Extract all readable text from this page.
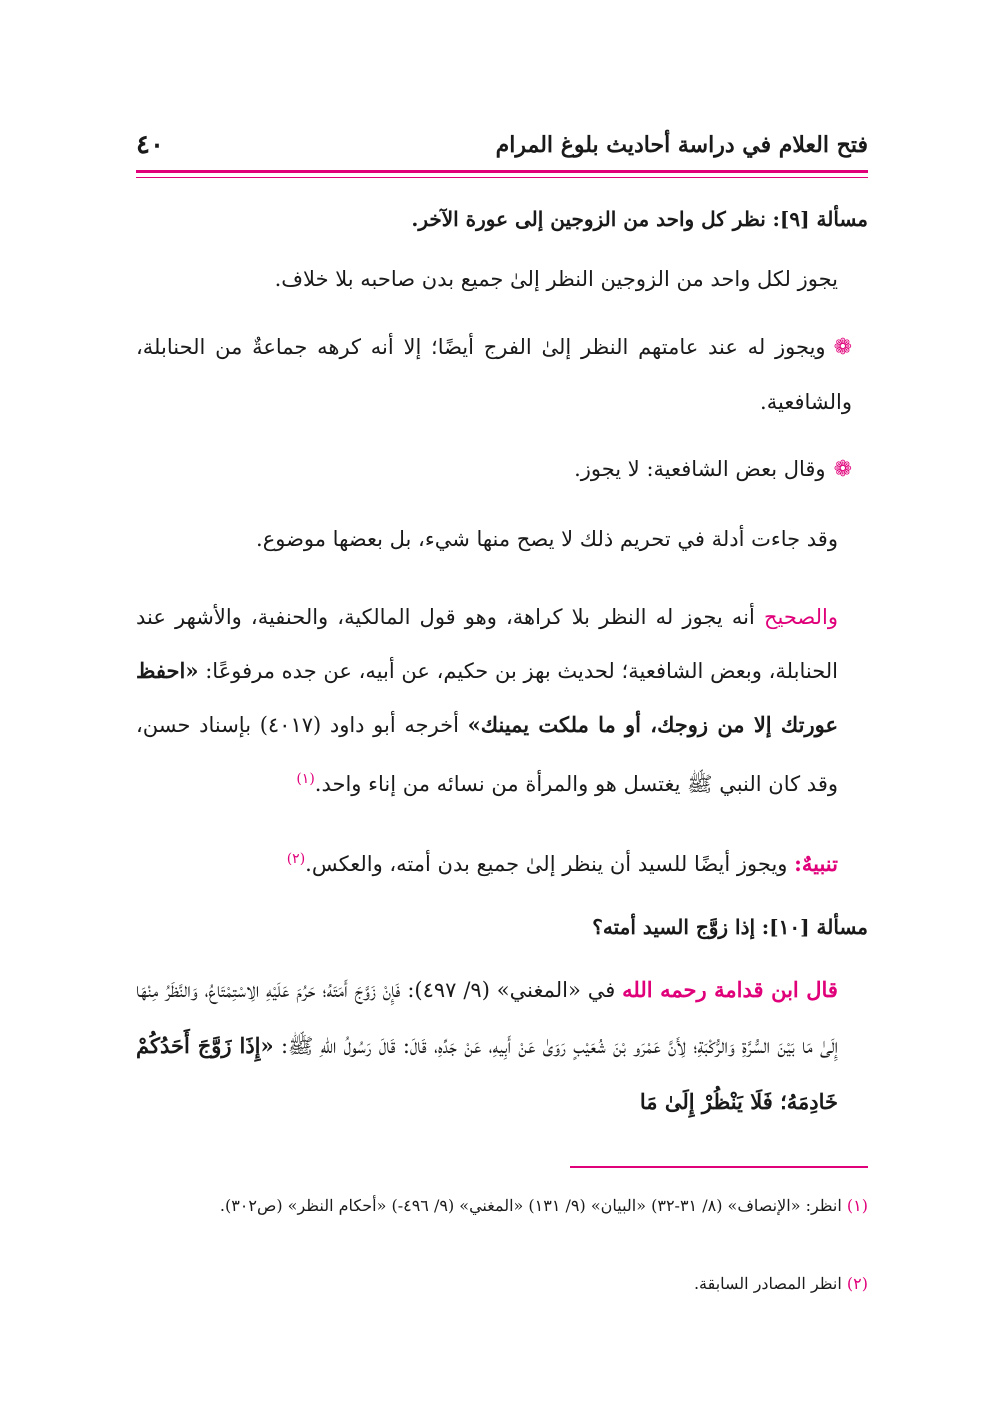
٤٠	فتح العلام في دراسة أحاديث بلوغ المرام
مسألة [٩]: نظر كل واحد من الزوجين إلى عورة الآخر.
يجوز لكل واحد من الزوجين النظر إلىٰ جميع بدن صاحبه بلا خلاف.
❁ويجوز له عند عامتهم النظر إلىٰ الفرج أيضًا؛ إلا أنه كرهه جماعةٌ من الحنابلة، والشافعية.
❁وقال بعض الشافعية: لا يجوز.
وقد جاءت أدلة في تحريم ذلك لا يصح منها شيء، بل بعضها موضوع.
والصحيح أنه يجوز له النظر بلا كراهة، وهو قول المالكية، والحنفية، والأشهر عند الحنابلة، وبعض الشافعية؛ لحديث بهز بن حكيم، عن أبيه، عن جده مرفوعًا: «احفظ عورتك إلا من زوجك، أو ما ملكت يمينك» أخرجه أبو داود (٤٠١٧) بإسناد حسن، وقد كان النبي ﷺ يغتسل هو والمرأة من نسائه من إناء واحد.$^{(١)}$
تنبيهٌ: ويجوز أيضًا للسيد أن ينظر إلىٰ جميع بدن أمته، والعكس.$^{(٢)}$
مسألة [١٠]: إذا زوَّج السيد أمته؟
قال ابن قدامة رحمه الله في «المغني» (٩/ ٤٩٧): فَإِنْ زَوَّجَ أَمَتَهُ؛ حَرُمَ عَلَيْهِ الِاسْتِمْتَاعُ، وَالنَّظَرُ مِنْهَا إِلَىٰ مَا بَيْنَ السُّرَّةِ وَالرُّكْبَةِ؛ لِأَنَّ عَمْرَو بْنَ شُعَيْبٍ رَوَىٰ عَنْ أَبِيهِ، عَنْ جَدِّهِ، قَالَ: قَالَ رَسُولُ اللهِ ﷺ: «إِذَا زَوَّجَ أَحَدُكُمْ خَادِمَهُ؛ فَلَا يَنْظُرْ إِلَىٰ مَا
(١) انظر: «الإنصاف» (٨/ ٣١-٣٢) «البيان» (٩/ ١٣١) «المغني» (٩/ ٤٩٦-) «أحكام النظر» (ص٣٠٢).
(٢) انظر المصادر السابقة.
